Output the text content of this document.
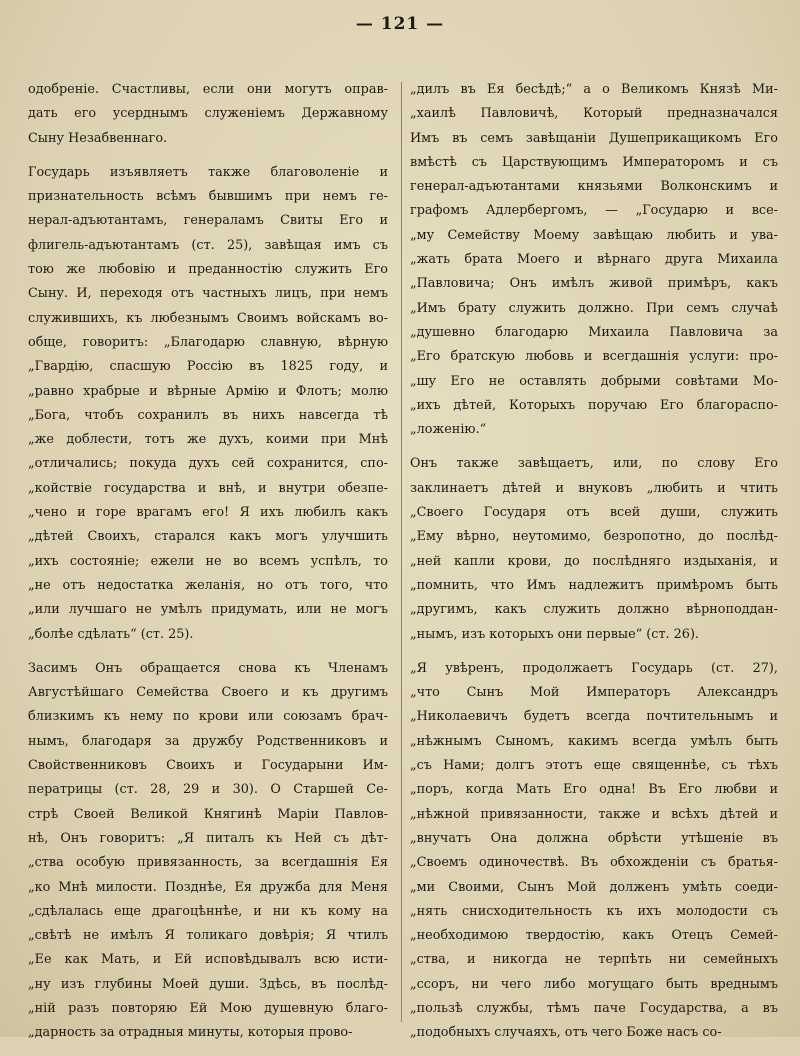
— 121 —
одобреніе. Счастливы, если они могутъ оправ-
дать его усерднымъ служеніемъ Державному
Сыну Незабвеннаго.
Государь изъявляетъ также благоволеніе и
признательность всѣмъ бывшимъ при немъ ге-
нерал-адъютантамъ, генераламъ Свиты Его и
флигель-адъютантамъ (ст. 25), завѣщая имъ съ
тою же любовію и преданностію служить Его
Сыну. И, переходя отъ частныхъ лицъ, при немъ
служившихъ, къ любезнымъ Своимъ войскамъ во-
обще, говоритъ: „Благодарю славную, вѣрную
„Гвардію, спасшую Россію въ 1825 году, и
„равно храбрые и вѣрные Армію и Флотъ; молю
„Бога, чтобъ сохранилъ въ нихъ навсегда тѣ
„же доблести, тотъ же духъ, коими при Мнѣ
„отличались; покуда духъ сей сохранится, спо-
„койствіе государства и внѣ, и внутри обезпе-
„чено и горе врагамъ его! Я ихъ любилъ какъ
„дѣтей Своихъ, старался какъ могъ улучшить
„ихъ состояніе; ежели не во всемъ успѣлъ, то
„не отъ недостатка желанія, но отъ того, что
„или лучшаго не умѣлъ придумать, или не могъ
„болѣе сдѣлать“ (ст. 25).
Засимъ Онъ обращается снова къ Членамъ
Августѣйшаго Семейства Своего и къ другимъ
близкимъ къ нему по крови или союзамъ брач-
нымъ, благодаря за дружбу Родственниковъ и
Свойственниковъ Своихъ и Государыни Им-
ператрицы (ст. 28, 29 и 30). О Старшей Се-
стрѣ Своей Великой Княгинѣ Маріи Павлов-
нѣ, Онъ говоритъ: „Я питалъ къ Ней съ дѣт-
„ства особую привязанность, за всегдашнія Ея
„ко Мнѣ милости. Позднѣе, Ея дружба для Меня
„сдѣлалась еще драгоцѣннѣе, и ни къ кому на
„свѣтѣ не имѣлъ Я толикаго довѣрія; Я чтилъ
„Ее как Мать, и Ей исповѣдывалъ всю исти-
„ну изъ глубины Моей души. Здѣсь, въ послѣд-
„ній разъ повторяю Ей Мою душевную благо-
„дарность за отрадныя минуты, которыя прово-
„дилъ въ Ея бесѣдѣ;“ а о Великомъ Князѣ Ми-
„хаилѣ Павловичѣ, Который предназначался
Имъ въ семъ завѣщаніи Душеприкащикомъ Его
вмѣстѣ съ Царствующимъ Императоромъ и съ
генерал-адъютантами князьями Волконскимъ и
графомъ Адлербергомъ, — „Государю и все-
„му Семейству Моему завѣщаю любить и ува-
„жать брата Моего и вѣрнаго друга Михаила
„Павловича; Онъ имѣлъ живой примѣръ, какъ
„Имъ брату служить должно. При семъ случаѣ
„душевно благодарю Михаила Павловича за
„Его братскую любовь и всегдашнія услуги: про-
„шу Его не оставлять добрыми совѣтами Мо-
„ихъ дѣтей, Которыхъ поручаю Его благораспо-
„ложенію.“
Онъ также завѣщаетъ, или, по слову Его
заклинаетъ дѣтей и внуковъ „любить и чтить
„Своего Государя отъ всей души, служить
„Ему вѣрно, неутомимо, безропотно, до послѣд-
„ней капли крови, до послѣдняго издыханія, и
„помнить, что Имъ надлежитъ примѣромъ быть
„другимъ, какъ служить должно вѣрноподдан-
„нымъ, изъ которыхъ они первые“ (ст. 26).
„Я увѣренъ, продолжаетъ Государь (ст. 27),
„что Сынъ Мой Императоръ Александръ
„Николаевичъ будетъ всегда почтительнымъ и
„нѣжнымъ Сыномъ, какимъ всегда умѣлъ быть
„съ Нами; долгъ этотъ еще священнѣе, съ тѣхъ
„поръ, когда Мать Его одна! Въ Его любви и
„нѣжной привязанности, также и всѣхъ дѣтей и
„внучатъ Она должна обрѣсти утѣшеніе въ
„Своемъ одиночествѣ. Въ обхожденіи съ братья-
„ми Своими, Сынъ Мой долженъ умѣть соеди-
„нять снисходительность къ ихъ молодости съ
„необходимою твердостію, какъ Отецъ Семей-
„ства, и никогда не терпѣть ни семейныхъ
„ссоръ, ни чего либо могущаго быть вреднымъ
„пользѣ службы, тѣмъ паче Государства, а въ
„подобныхъ случаяхъ, отъ чего Боже насъ со-
